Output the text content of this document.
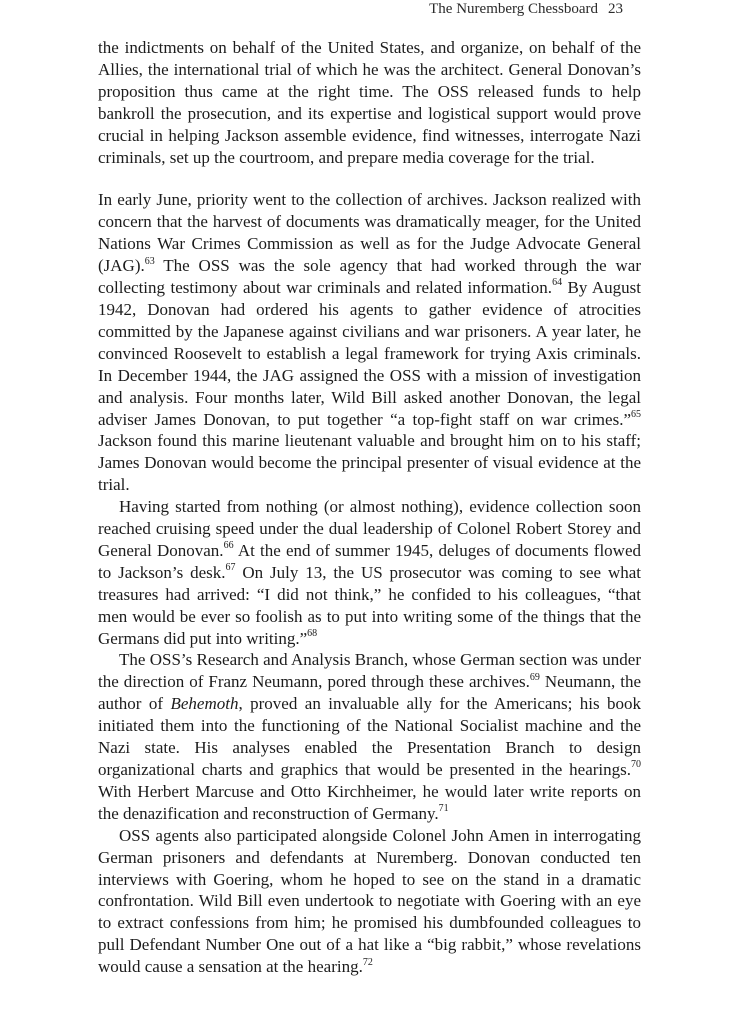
The Nuremberg Chessboard 23

the indictments on behalf of the United States, and organize, on behalf of the Allies, the international trial of which he was the architect. General Donovan’s proposition thus came at the right time. The OSS released funds to help bankroll the prosecution, and its expertise and logistical support would prove crucial in helping Jackson assemble evidence, find witnesses, interrogate Nazi criminals, set up the courtroom, and prepare media coverage for the trial.

In early June, priority went to the collection of archives. Jackson realized with concern that the harvest of documents was dramatically meager, for the United Nations War Crimes Commission as well as for the Judge Advocate General (JAG).$^{63}$ The OSS was the sole agency that had worked through the war collecting testimony about war criminals and related information.$^{64}$ By August 1942, Donovan had ordered his agents to gather evidence of atrocities committed by the Japanese against civilians and war prisoners. A year later, he convinced Roosevelt to establish a legal framework for trying Axis criminals. In December 1944, the JAG assigned the OSS with a mission of investigation and analysis. Four months later, Wild Bill asked another Donovan, the legal adviser James Donovan, to put together “a top-fight staff on war crimes.”$^{65}$ Jackson found this marine lieutenant valuable and brought him on to his staff; James Donovan would become the principal presenter of visual evidence at the trial.

Having started from nothing (or almost nothing), evidence collection soon reached cruising speed under the dual leadership of Colonel Robert Storey and General Donovan.$^{66}$ At the end of summer 1945, deluges of documents flowed to Jackson’s desk.$^{67}$ On July 13, the US prosecutor was coming to see what treasures had arrived: “I did not think,” he confided to his colleagues, “that men would be ever so foolish as to put into writing some of the things that the Germans did put into writing.”$^{68}$

The OSS’s Research and Analysis Branch, whose German section was under the direction of Franz Neumann, pored through these archives.$^{69}$ Neumann, the author of Behemoth, proved an invaluable ally for the Americans; his book initiated them into the functioning of the National Socialist machine and the Nazi state. His analyses enabled the Presentation Branch to design organizational charts and graphics that would be presented in the hearings.$^{70}$ With Herbert Marcuse and Otto Kirchheimer, he would later write reports on the denazification and reconstruction of Germany.$^{71}$

OSS agents also participated alongside Colonel John Amen in interrogating German prisoners and defendants at Nuremberg. Donovan conducted ten interviews with Goering, whom he hoped to see on the stand in a dramatic confrontation. Wild Bill even undertook to negotiate with Goering with an eye to extract confessions from him; he promised his dumbfounded colleagues to pull Defendant Number One out of a hat like a “big rabbit,” whose revelations would cause a sensation at the hearing.$^{72}$
